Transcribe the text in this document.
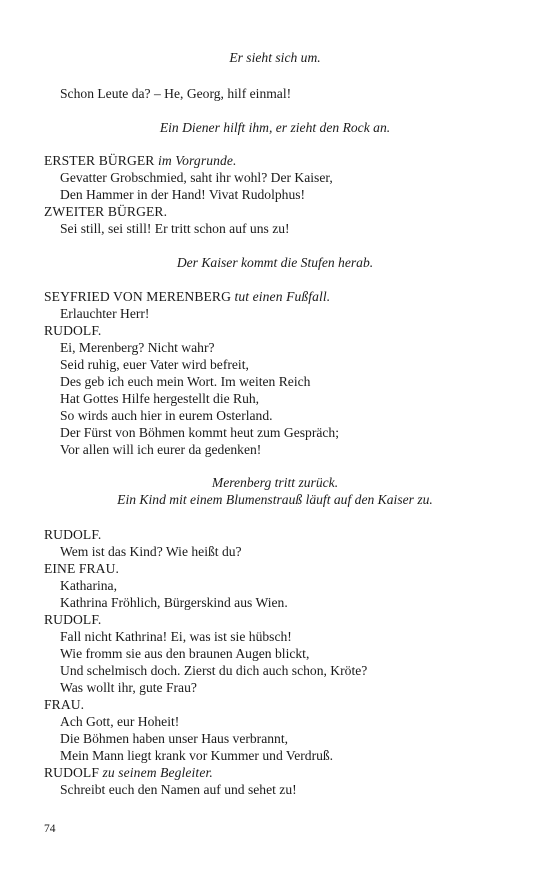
Er sieht sich um.
Schon Leute da? – He, Georg, hilf einmal!
Ein Diener hilft ihm, er zieht den Rock an.
ERSTER BÜRGER im Vorgrunde.
Gevatter Grobschmied, saht ihr wohl? Der Kaiser,
Den Hammer in der Hand! Vivat Rudolphus!
ZWEITER BÜRGER.
Sei still, sei still! Er tritt schon auf uns zu!
Der Kaiser kommt die Stufen herab.
SEYFRIED VON MERENBERG tut einen Fußfall.
Erlauchter Herr!
RUDOLF.
Ei, Merenberg? Nicht wahr?
Seid ruhig, euer Vater wird befreit,
Des geb ich euch mein Wort. Im weiten Reich
Hat Gottes Hilfe hergestellt die Ruh,
So wirds auch hier in eurem Osterland.
Der Fürst von Böhmen kommt heut zum Gespräch;
Vor allen will ich eurer da gedenken!
Merenberg tritt zurück.
Ein Kind mit einem Blumenstrauß läuft auf den Kaiser zu.
RUDOLF.
Wem ist das Kind? Wie heißt du?
EINE FRAU.
Katharina,
Kathrina Fröhlich, Bürgerskind aus Wien.
RUDOLF.
Fall nicht Kathrina! Ei, was ist sie hübsch!
Wie fromm sie aus den braunen Augen blickt,
Und schelmisch doch. Zierst du dich auch schon, Kröte?
Was wollt ihr, gute Frau?
FRAU.
Ach Gott, eur Hoheit!
Die Böhmen haben unser Haus verbrannt,
Mein Mann liegt krank vor Kummer und Verdruß.
RUDOLF zu seinem Begleiter.
Schreibt euch den Namen auf und sehet zu!
74
